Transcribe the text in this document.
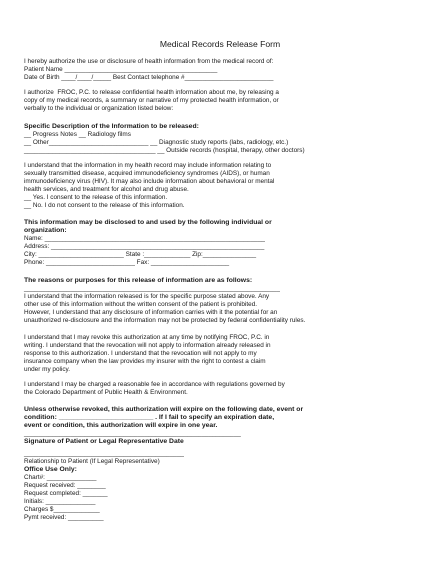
Medical Records Release Form
I hereby authorize the use or disclosure of health information from the medical record of:
Patient Name ___________________________________________
Date of Birth ____/____/_____ Best Contact telephone #_________________________
I authorize  FROC, P.C. to release confidential health information about me, by releasing a
copy of my medical records, a summary or narrative of my protected health information, or
verbally to the individual or organization listed below:
Specific Description of the Information to be released:
__ Progress Notes __ Radiology films
__ Other____________________________ __ Diagnostic study reports (labs, radiology, etc.)
_____________________________________ __ Outside records (hospital, therapy, other doctors)
I understand that the information in my health record may include information relating to
sexually transmitted disease, acquired immunodeficiency syndromes (AIDS), or human
immunodeficiency virus (HIV). It may also include information about behavioral or mental
health services, and treatment for alcohol and drug abuse.
__ Yes. I consent to the release of this information.
__ No. I do not consent to the release of this information.
This information may be disclosed to and used by the following individual or
organization:
Name: ______________________________________________________________
Address: ____________________________________________________________
City: ________________________ State :_____________ Zip:_______________
Phone: _________________________ Fax: ______________________
The reasons or purposes for this release of information are as follows:
________________________________________________________________________
I understand that the information released is for the specific purpose stated above. Any
other use of this information without the written consent of the patient is prohibited.
However, I understand that any disclosure of information carries with it the potential for an
unauthorized re-disclosure and the information may not be protected by federal confidentiality rules.
I understand that I may revoke this authorization at any time by notifying FROC, P.C. in
writing. I understand that the revocation will not apply to information already released in
response to this authorization. I understand that the revocation will not apply to my
insurance company when the law provides my insurer with the right to contest a claim
under my policy.
I understand I may be charged a reasonable fee in accordance with regulations governed by
the Colorado Department of Public Health & Environment.
Unless otherwise revoked, this authorization will expire on the following date, event or
condition: _________________________ . If I fail to specify an expiration date,
event or condition, this authorization will expire in one year.
_____________________________________________________________
Signature of Patient or Legal Representative Date
_____________________________________________
Relationship to Patient (If Legal Representative)
Office Use Only:
Chart#: ______________
Request received: ________
Request completed: _______
Initials: ______________
Charges $_____________
Pymt received: __________
